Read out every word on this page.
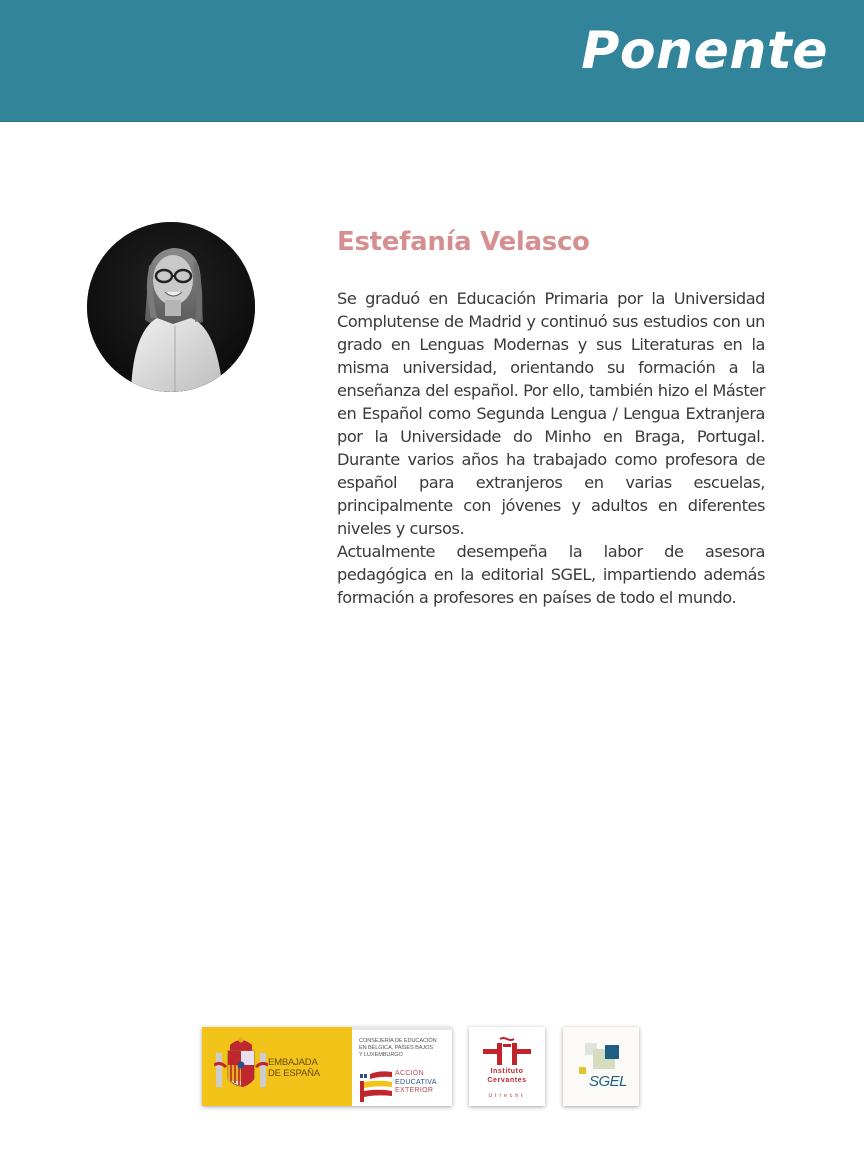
Ponente
Estefanía Velasco

Se graduó en Educación Primaria por la Universidad Complutense de Madrid y continuó sus estudios con un grado en Lenguas Modernas y sus Literaturas en la misma universidad, orientando su formación a la enseñanza del español. Por ello, también hizo el Máster en Español como Segunda Lengua / Lengua Extranjera por la Universidade do Minho en Braga, Portugal. Durante varios años ha trabajado como profesora de español para extranjeros en varias escuelas, principalmente con jóvenes y adultos en diferentes niveles y cursos.

Actualmente desempeña la labor de asesora pedagógica en la editorial SGEL, impartiendo además formación a profesores en países de todo el mundo.

EMBAJADA
DE ESPAÑA
CONSEJERÍA DE EDUCACIÓN
EN BÉLGICA, PAÍSES BAJOS
Y LUXEMBURGO
ACCIÓN
EDUCATIVA
EXTERIOR
Instituto
Cervantes
Utrecht
SGEL
